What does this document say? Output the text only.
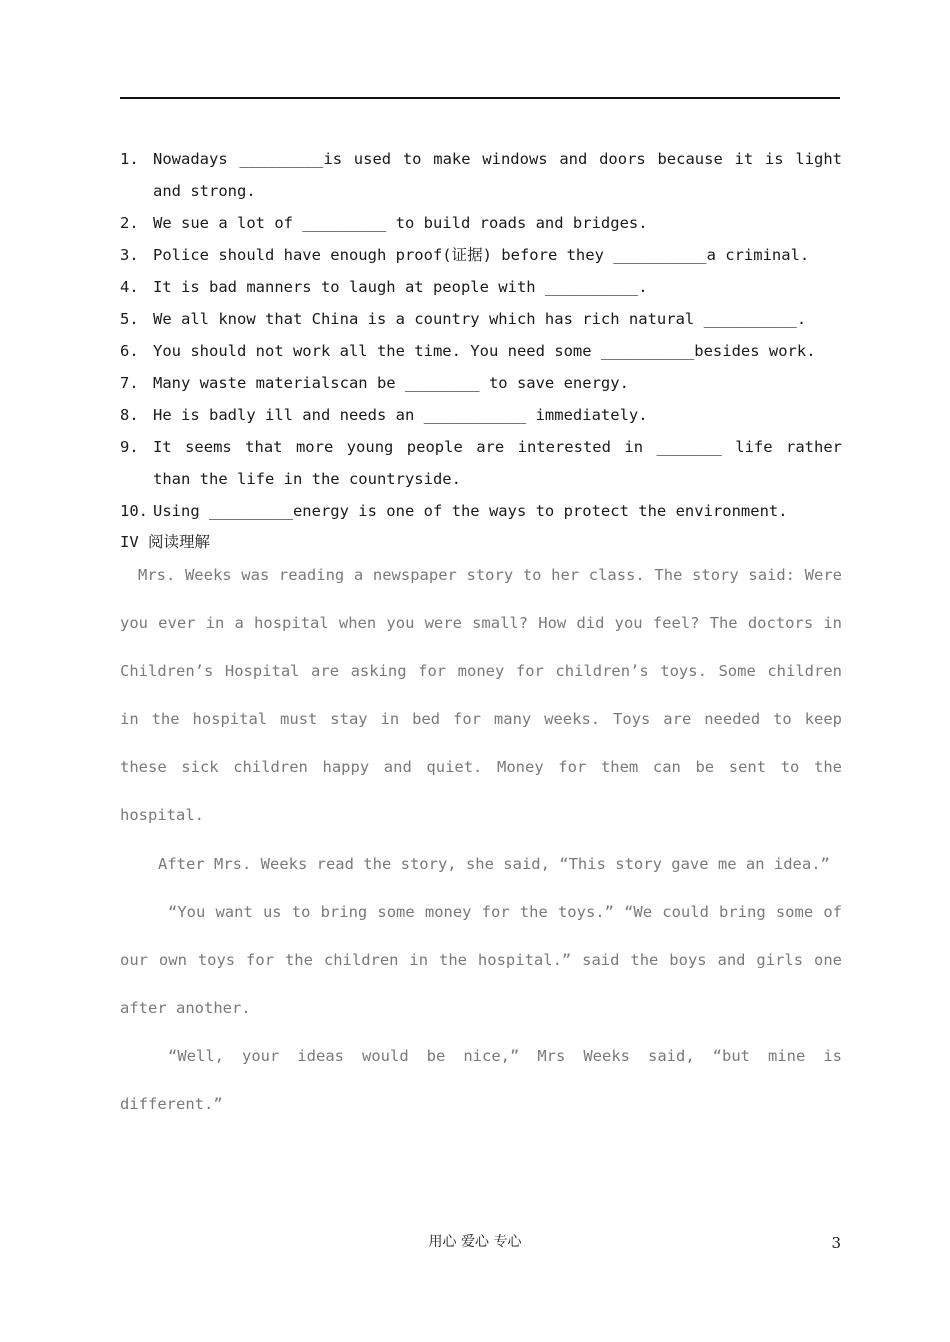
1. Nowadays _________is used to make windows and doors because it is light and strong.
2. We sue a lot of _________ to build roads and bridges.
3. Police should have enough proof(证据) before they __________a criminal.
4. It is bad manners to laugh at people with __________.
5. We all know that China is a country which has rich natural __________.
6. You should not work all the time. You need some __________besides work.
7. Many waste materialscan be ________ to save energy.
8. He is badly ill and needs an ___________ immediately.
9. It seems that more young people are interested in _______ life rather than the life in the countryside.
10. Using _________energy is one of the ways to protect the environment.
IV 阅读理解

Mrs. Weeks was reading a newspaper story to her class. The story said: Were you ever in a hospital when you were small? How did you feel? The doctors in Children’s Hospital are asking for money for children’s toys. Some children in the hospital must stay in bed for many weeks. Toys are needed to keep these sick children happy and quiet. Money for them can be sent to the hospital.

After Mrs. Weeks read the story, she said, “This story gave me an idea.”

“You want us to bring some money for the toys.” “We could bring some of our own toys for the children in the hospital.” said the boys and girls one after another.

“Well, your ideas would be nice,” Mrs Weeks said, “but mine is different.”

用心 爱心 专心	3
